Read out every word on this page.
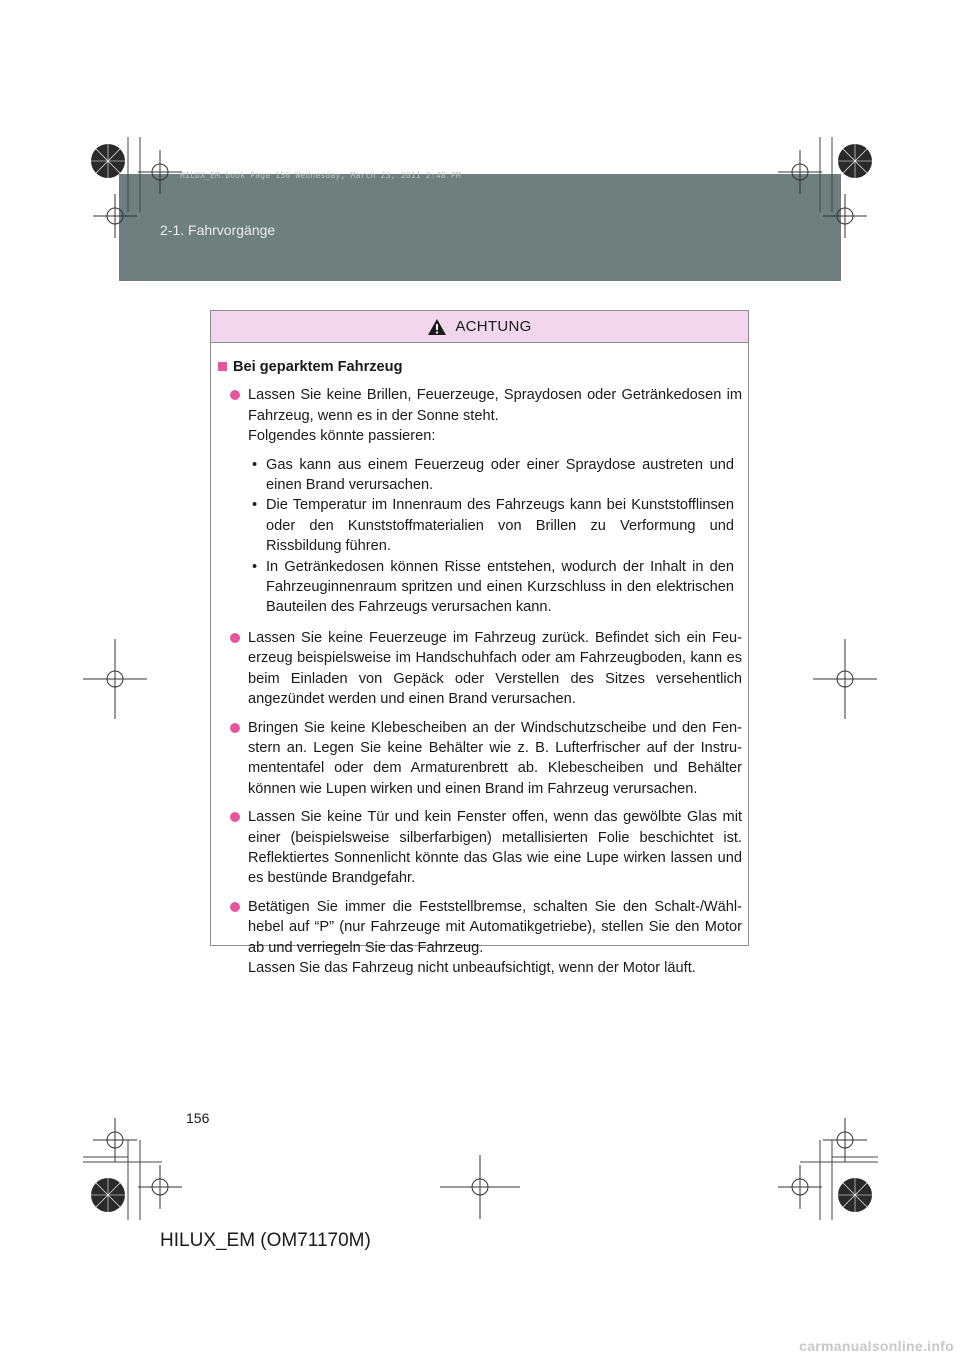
HILUX_EM.book Page 156 Wednesday, March 23, 2011 2:48 PM
2-1. Fahrvorgänge
ACHTUNG
Bei geparktem Fahrzeug
Lassen Sie keine Brillen, Feuerzeuge, Spraydosen oder Getränkedosen im Fahrzeug, wenn es in der Sonne steht.
Folgendes könnte passieren:
• Gas kann aus einem Feuerzeug oder einer Spraydose austreten und einen Brand verursachen.
• Die Temperatur im Innenraum des Fahrzeugs kann bei Kunststofflinsen oder den Kunststoffmaterialien von Brillen zu Verformung und Rissbildung führen.
• In Getränkedosen können Risse entstehen, wodurch der Inhalt in den Fahrzeuginnenraum spritzen und einen Kurzschluss in den elektrischen Bauteilen des Fahrzeugs verursachen kann.
Lassen Sie keine Feuerzeuge im Fahrzeug zurück. Befindet sich ein Feuerzeug beispielsweise im Handschuhfach oder am Fahrzeugboden, kann es beim Einladen von Gepäck oder Verstellen des Sitzes versehentlich angezündet werden und einen Brand verursachen.
Bringen Sie keine Klebescheiben an der Windschutzscheibe und den Fenstern an. Legen Sie keine Behälter wie z. B. Lufterfrischer auf der Instrumententafel oder dem Armaturenbrett ab. Klebescheiben und Behälter können wie Lupen wirken und einen Brand im Fahrzeug verursachen.
Lassen Sie keine Tür und kein Fenster offen, wenn das gewölbte Glas mit einer (beispielsweise silberfarbigen) metallisierten Folie beschichtet ist. Reflektiertes Sonnenlicht könnte das Glas wie eine Lupe wirken lassen und es bestünde Brandgefahr.
Betätigen Sie immer die Feststellbremse, schalten Sie den Schalt-/Wählhebel auf “P” (nur Fahrzeuge mit Automatikgetriebe), stellen Sie den Motor ab und verriegeln Sie das Fahrzeug.
Lassen Sie das Fahrzeug nicht unbeaufsichtigt, wenn der Motor läuft.
156
HILUX_EM (OM71170M)
carmanualsonline.info
